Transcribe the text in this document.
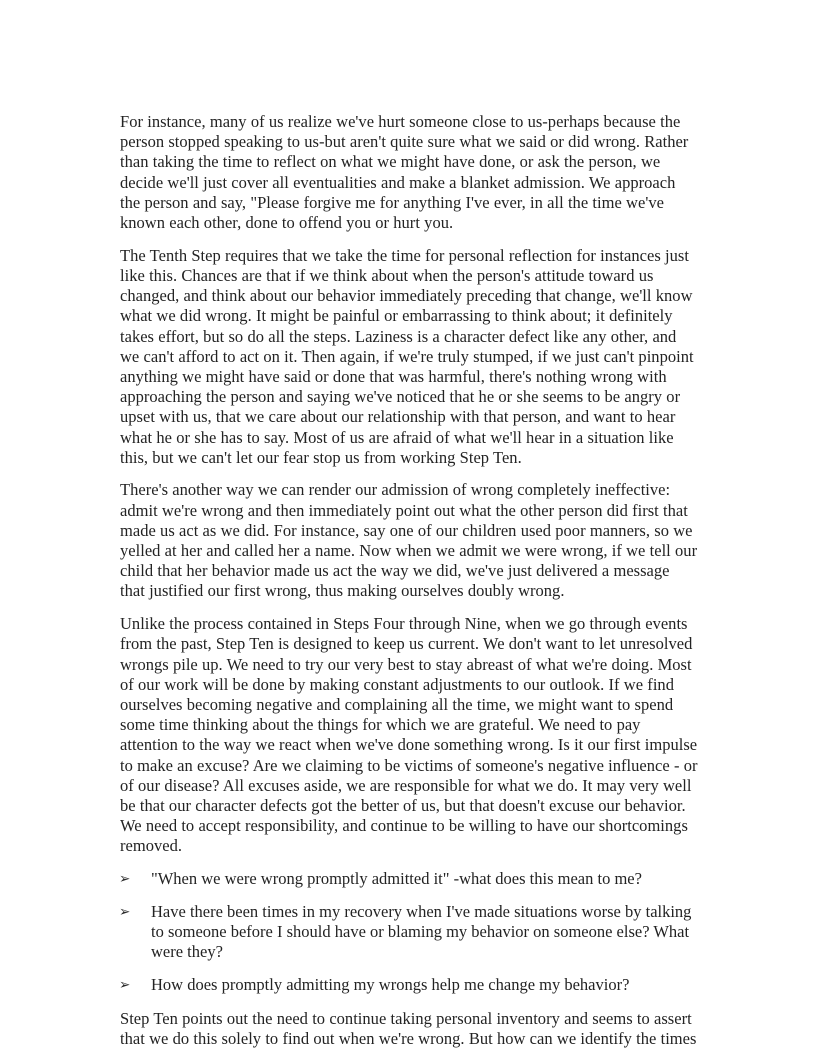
For instance, many of us realize we've hurt someone close to us-perhaps because the person stopped speaking to us-but aren't quite sure what we said or did wrong. Rather than taking the time to reflect on what we might have done, or ask the person, we decide we'll just cover all eventualities and make a blanket admission. We approach the person and say, "Please forgive me for anything I've ever, in all the time we've known each other, done to offend you or hurt you.

The Tenth Step requires that we take the time for personal reflection for instances just like this. Chances are that if we think about when the person's attitude toward us changed, and think about our behavior immediately preceding that change, we'll know what we did wrong. It might be painful or embarrassing to think about; it definitely takes effort, but so do all the steps. Laziness is a character defect like any other, and we can't afford to act on it. Then again, if we're truly stumped, if we just can't pinpoint anything we might have said or done that was harmful, there's nothing wrong with approaching the person and saying we've noticed that he or she seems to be angry or upset with us, that we care about our relationship with that person, and want to hear what he or she has to say. Most of us are afraid of what we'll hear in a situation like this, but we can't let our fear stop us from working Step Ten.

There's another way we can render our admission of wrong completely ineffective: admit we're wrong and then immediately point out what the other person did first that made us act as we did. For instance, say one of our children used poor manners, so we yelled at her and called her a name. Now when we admit we were wrong, if we tell our child that her behavior made us act the way we did, we've just delivered a message that justified our first wrong, thus making ourselves doubly wrong.

Unlike the process contained in Steps Four through Nine, when we go through events from the past, Step Ten is designed to keep us current. We don't want to let unresolved wrongs pile up. We need to try our very best to stay abreast of what we're doing. Most of our work will be done by making constant adjustments to our outlook. If we find ourselves becoming negative and complaining all the time, we might want to spend some time thinking about the things for which we are grateful. We need to pay attention to the way we react when we've done something wrong. Is it our first impulse to make an excuse? Are we claiming to be victims of someone's negative influence - or of our disease? All excuses aside, we are responsible for what we do. It may very well be that our character defects got the better of us, but that doesn't excuse our behavior. We need to accept responsibility, and continue to be willing to have our shortcomings removed.

➢ "When we were wrong promptly admitted it" -what does this mean to me?
➢ Have there been times in my recovery when I've made situations worse by talking to someone before I should have or blaming my behavior on someone else? What were they?
➢ How does promptly admitting my wrongs help me change my behavior?

Step Ten points out the need to continue taking personal inventory and seems to assert that we do this solely to find out when we're wrong. But how can we identify the times
